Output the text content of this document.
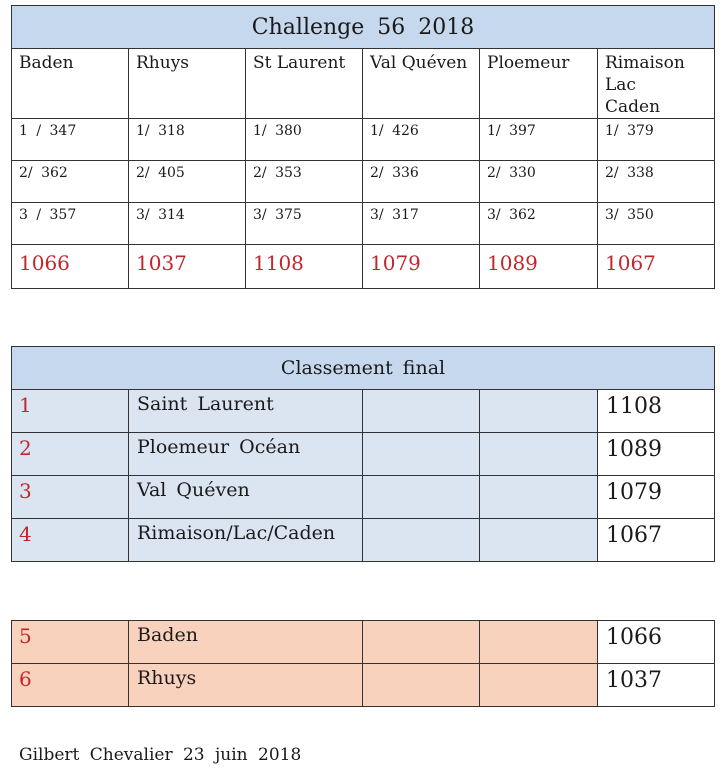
Challenge 56 2018					

Baden	Rhuys	St Laurent	Val Quéven	Ploemeur	Rimaison
Lac
Caden

1 / 347	1/ 318	1/ 380	1/ 426	1/ 397	1/ 379

2/ 362	2/ 405	2/ 353	2/ 336	2/ 330	2/ 338

3 / 357	3/ 314	3/ 375	3/ 317	3/ 362	3/ 350

1066	1037	1108	1079	1089	1067
Classement final				

1	Saint Laurent			1108

2	Ploemeur Océan			1089

3	Val Quéven			1079

4	Rimaison/Lac/Caden			1067
5	Baden			1066

6	Rhuys			1037
Gilbert Chevalier 23 juin 2018
